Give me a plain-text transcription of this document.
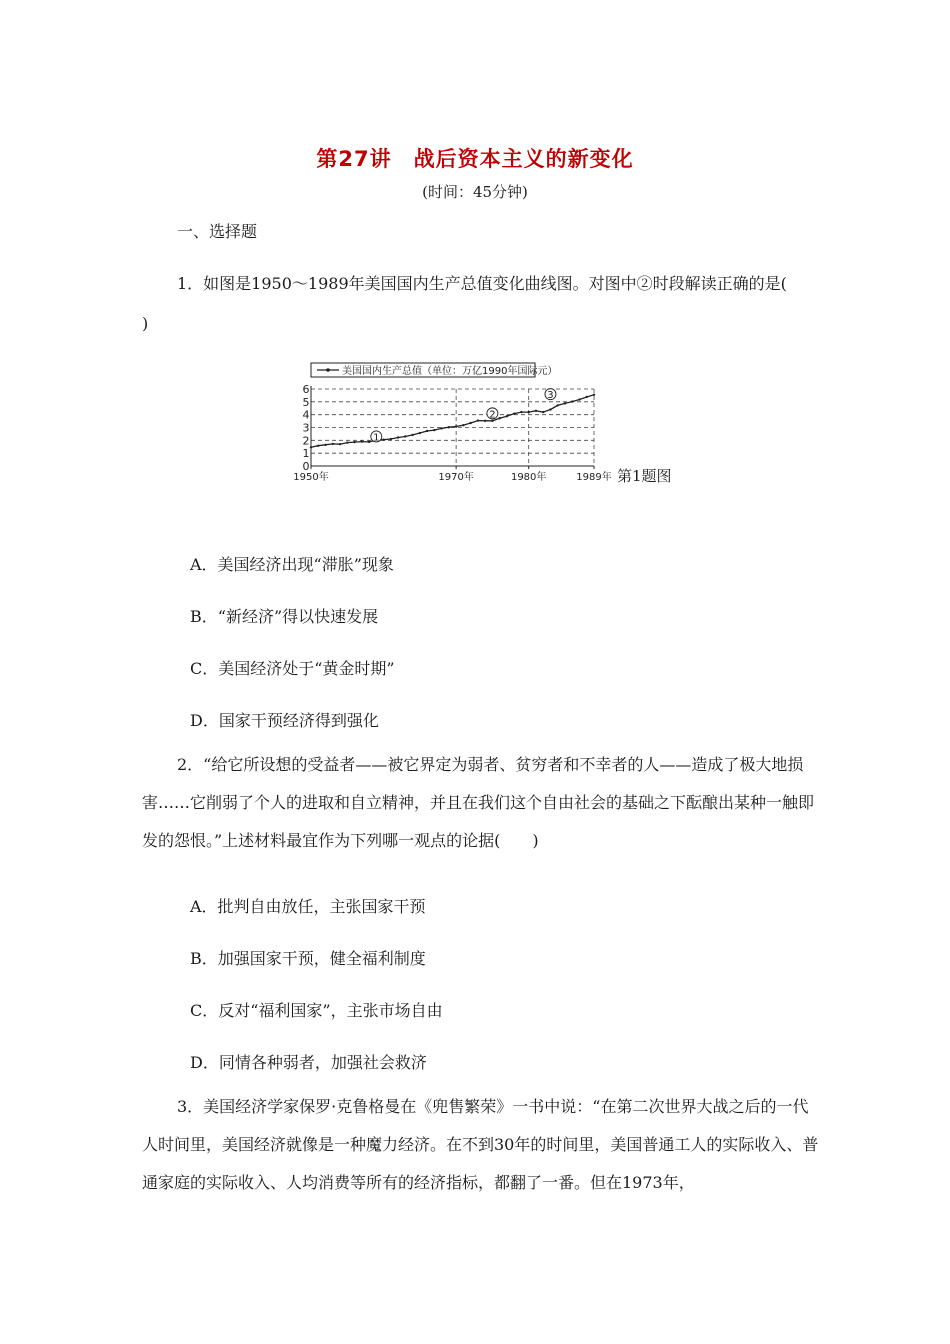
第27讲　战后资本主义的新变化
(时间：45分钟)
一、选择题
1．如图是1950～1989年美国国内生产总值变化曲线图。对图中②时段解读正确的是(
)
美国国内生产总值（单位：万亿1990年国际元）
0
1
2
3
4
5
6
1950年	1970年	1980年	1989年
1
2
3
第1题图
A．美国经济出现“滞胀”现象
B．“新经济”得以快速发展
C．美国经济处于“黄金时期”
D．国家干预经济得到强化

2．“给它所设想的受益者——被它界定为弱者、贫穷者和不幸者的人——造成了极大地损害……它削弱了个人的进取和自立精神，并且在我们这个自由社会的基础之下酝酿出某种一触即发的怨恨。”上述材料最宜作为下列哪一观点的论据(　　)

A．批判自由放任，主张国家干预
B．加强国家干预，健全福利制度
C．反对“福利国家”，主张市场自由
D．同情各种弱者，加强社会救济

3．美国经济学家保罗·克鲁格曼在《兜售繁荣》一书中说：“在第二次世界大战之后的一代人时间里，美国经济就像是一种魔力经济。在不到30年的时间里，美国普通工人的实际收入、普通家庭的实际收入、人均消费等所有的经济指标，都翻了一番。但在1973年，
